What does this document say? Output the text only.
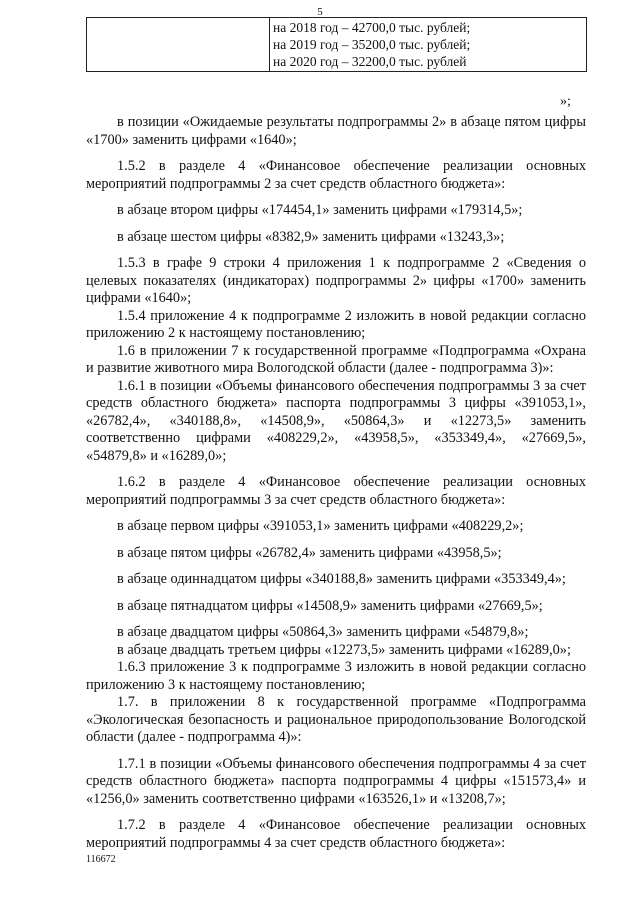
5

на 2018 год – 42700,0 тыс. рублей;
на 2019 год – 35200,0 тыс. рублей;
на 2020 год – 32200,0 тыс. рублей
»;

в позиции «Ожидаемые результаты подпрограммы 2» в абзаце пятом цифры «1700» заменить цифрами «1640»;

1.5.2 в разделе 4 «Финансовое обеспечение реализации основных мероприятий подпрограммы 2 за счет средств областного бюджета»:

в абзаце втором цифры «174454,1» заменить цифрами «179314,5»;

в абзаце шестом цифры «8382,9» заменить цифрами «13243,3»;

1.5.3 в графе 9 строки 4 приложения 1 к подпрограмме 2 «Сведения о целевых показателях (индикаторах) подпрограммы 2» цифры «1700» заменить цифрами «1640»;

1.5.4 приложение 4 к подпрограмме 2 изложить в новой редакции согласно приложению 2 к настоящему постановлению;

1.6 в приложении 7 к государственной программе «Подпрограмма «Охрана и развитие животного мира Вологодской области (далее - подпрограмма 3)»:

1.6.1 в позиции «Объемы финансового обеспечения подпрограммы 3 за счет средств областного бюджета» паспорта подпрограммы 3 цифры «391053,1», «26782,4», «340188,8», «14508,9», «50864,3» и «12273,5» заменить соответственно цифрами «408229,2», «43958,5», «353349,4», «27669,5», «54879,8» и «16289,0»;

1.6.2 в разделе 4 «Финансовое обеспечение реализации основных мероприятий подпрограммы 3 за счет средств областного бюджета»:

в абзаце первом цифры «391053,1» заменить цифрами «408229,2»;

в абзаце пятом цифры «26782,4» заменить цифрами «43958,5»;

в абзаце одиннадцатом цифры «340188,8» заменить цифрами «353349,4»;

в абзаце пятнадцатом цифры «14508,9» заменить цифрами «27669,5»;

в абзаце двадцатом цифры «50864,3» заменить цифрами «54879,8»;

в абзаце двадцать третьем цифры «12273,5» заменить цифрами «16289,0»;

1.6.3 приложение 3 к подпрограмме 3 изложить в новой редакции согласно приложению 3 к настоящему постановлению;

1.7. в приложении 8 к государственной программе «Подпрограмма «Экологическая безопасность и рациональное природопользование Вологодской области (далее - подпрограмма 4)»:

1.7.1 в позиции «Объемы финансового обеспечения подпрограммы 4 за счет средств областного бюджета» паспорта подпрограммы 4 цифры «151573,4» и «1256,0» заменить соответственно цифрами «163526,1» и «13208,7»;

1.7.2 в разделе 4 «Финансовое обеспечение реализации основных мероприятий подпрограммы 4 за счет средств областного бюджета»:

116672
